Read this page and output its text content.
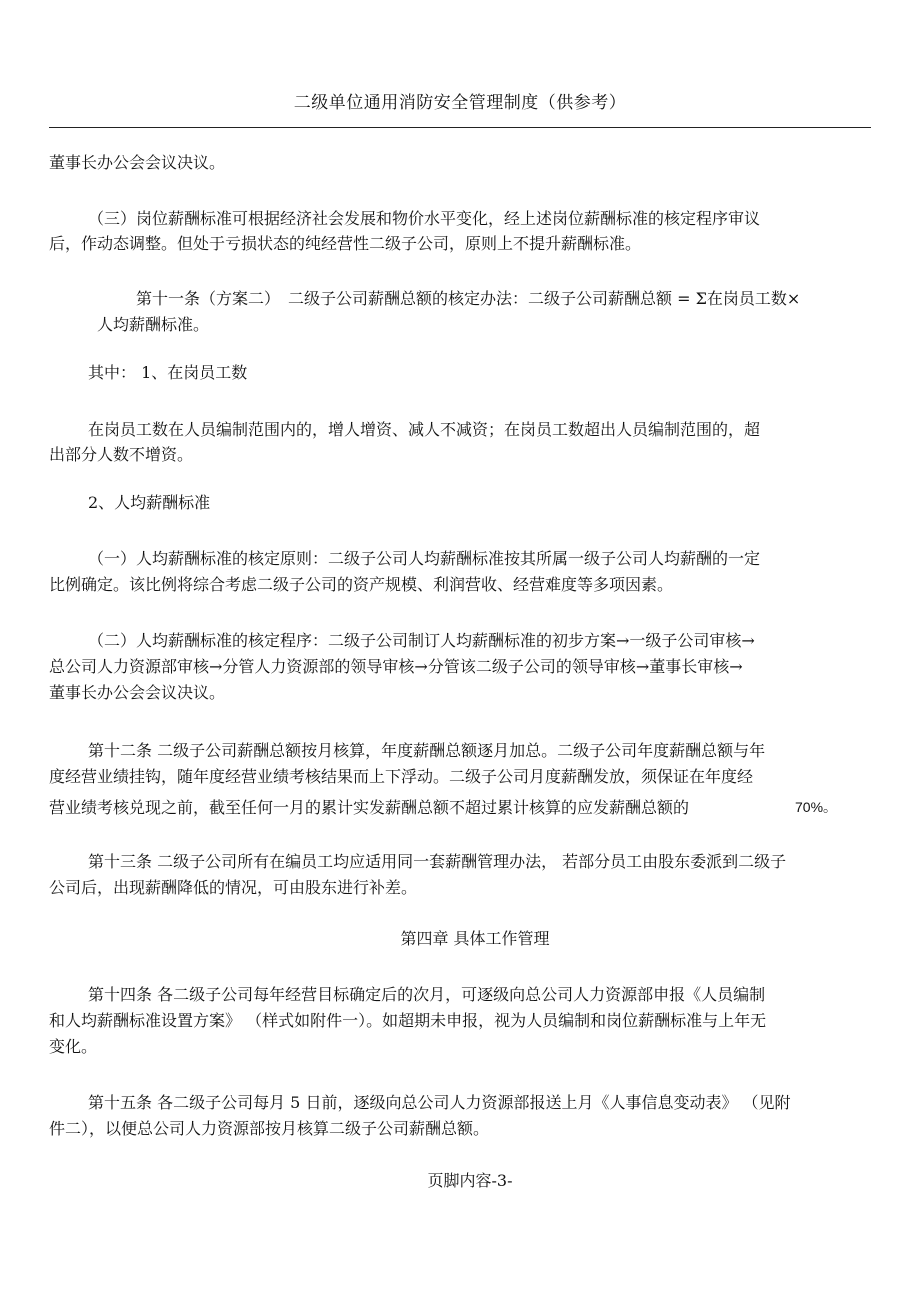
二级单位通用消防安全管理制度（供参考）
董事长办公会会议决议。
（三）岗位薪酬标准可根据经济社会发展和物价水平变化，经上述岗位薪酬标准的核定程序审议
后，作动态调整。但处于亏损状态的纯经营性二级子公司，原则上不提升薪酬标准。
第十一条（方案二）　二级子公司薪酬总额的核定办法：二级子公司薪酬总额 = Σ在岗员工数×
人均薪酬标准。
其中： 1、在岗员工数
在岗员工数在人员编制范围内的，增人增资、减人不减资；在岗员工数超出人员编制范围的，超
出部分人数不增资。
2、人均薪酬标准
（一）人均薪酬标准的核定原则：二级子公司人均薪酬标准按其所属一级子公司人均薪酬的一定
比例确定。该比例将综合考虑二级子公司的资产规模、利润营收、经营难度等多项因素。
（二）人均薪酬标准的核定程序：二级子公司制订人均薪酬标准的初步方案→一级子公司审核→
总公司人力资源部审核→分管人力资源部的领导审核→分管该二级子公司的领导审核→董事长审核→
董事长办公会会议决议。
第十二条 二级子公司薪酬总额按月核算，年度薪酬总额逐月加总。二级子公司年度薪酬总额与年
度经营业绩挂钩，随年度经营业绩考核结果而上下浮动。二级子公司月度薪酬发放，须保证在年度经
营业绩考核兑现之前，截至任何一月的累计实发薪酬总额不超过累计核算的应发薪酬总额的	70%。
第十三条 二级子公司所有在编员工均应适用同一套薪酬管理办法， 若部分员工由股东委派到二级子
公司后，出现薪酬降低的情况，可由股东进行补差。
第四章 具体工作管理
第十四条 各二级子公司每年经营目标确定后的次月，可逐级向总公司人力资源部申报《人员编制
和人均薪酬标准设置方案》 （样式如附件一）。如超期未申报，视为人员编制和岗位薪酬标准与上年无
变化。
第十五条 各二级子公司每月 5 日前，逐级向总公司人力资源部报送上月《人事信息变动表》 （见附
件二），以便总公司人力资源部按月核算二级子公司薪酬总额。
页脚内容-3-
